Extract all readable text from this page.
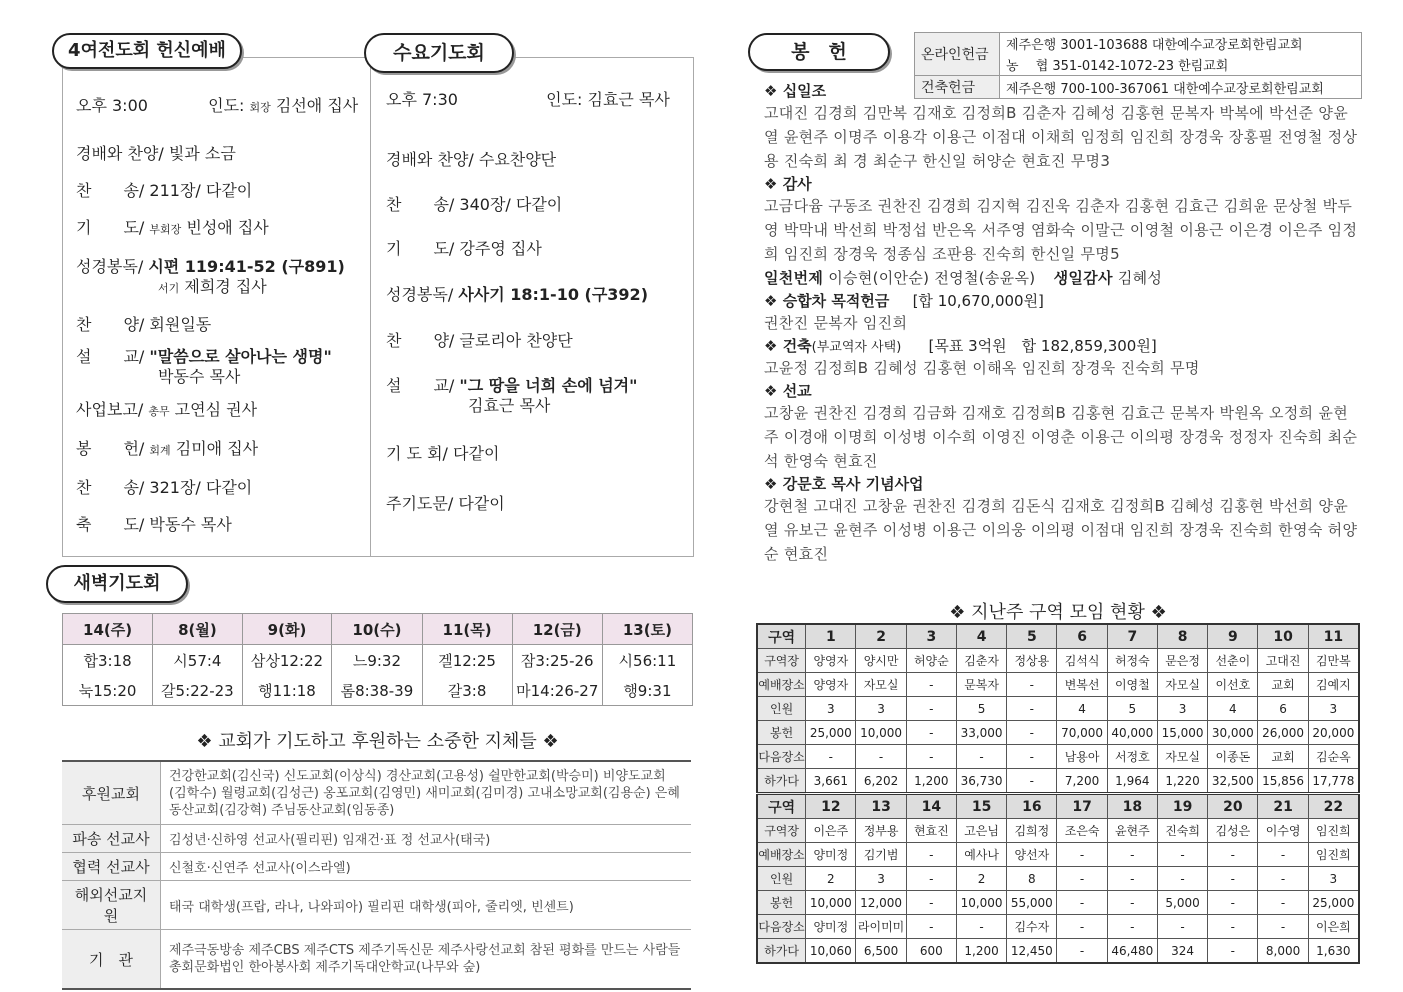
4여전도회 헌신예배
오후 3:00	인도: 회장 김선애 집사
경배와 찬양/ 빛과 소금
찬　　송/ 211장/ 다같이
기　　도/ 부회장 빈성애 집사
성경봉독/ 시편 119:41-52 (구891)
서기 제희경 집사
찬　　양/ 회원일동
설　　교/ "말씀으로 살아나는 생명"
박동수 목사
사업보고/ 총무 고연심 권사
봉　　헌/ 회계 김미애 집사
찬　　송/ 321장/ 다같이
축　　도/ 박동수 목사
수요기도회
오후 7:30	인도: 김효근 목사
경배와 찬양/ 수요찬양단
찬　　송/ 340장/ 다같이
기　　도/ 강주영 집사
성경봉독/ 사사기 18:1-10 (구392)
찬　　양/ 글로리아 찬양단
설　　교/ "그 땅을 너희 손에 넘겨"
김효근 목사
기 도 회/ 다같이
주기도문/ 다같이
새벽기도회
14(주)	8(월)	9(화)	10(수)	11(목)	12(금)	13(토)
합3:18	시57:4	삼상12:22	느9:32	겔12:25	잠3:25-26	시56:11
눅15:20	갈5:22-23	행11:18	롬8:38-39	갈3:8	마14:26-27	행9:31
❖ 교회가 기도하고 후원하는 소중한 지체들 ❖
후원교회	건강한교회(김신국) 신도교회(이상식) 경산교회(고용성) 쉴만한교회(박승미) 비양도교회(김학수) 월령교회(김성근) 옹포교회(김영민) 새미교회(김미경) 고내소망교회(김용순) 은혜동산교회(김강혁) 주님동산교회(임동종)
파송 선교사	김성년·신하영 선교사(필리핀) 임재건·표 정 선교사(태국)
협력 선교사	신철호·신연주 선교사(이스라엘)
해외선교지원	태국 대학생(프랍, 라나, 나와피아) 필리핀 대학생(피아, 줄리엣, 빈센트)
기　관	제주극동방송 제주CBS 제주CTS 제주기독신문 제주사랑선교회 참된 평화를 만드는 사람들 총회문화법인 한아봉사회 제주기독대안학교(나무와 숲)
봉　헌	온라인헌금	제주은행 3001-103688 대한예수교장로회한림교회
	농　 협 351-0142-1072-23 한림교회
건축헌금	제주은행 700-100-367061 대한예수교장로회한림교회
❖ 십일조
고대진 김경희 김만복 김재호 김정희B 김춘자 김혜성 김홍현 문복자 박복에 박선준 양윤열 윤현주 이명주 이용각 이용근 이점대 이채희 임정희 임진희 장경욱 장홍필 전영철 정상용 진숙희 최 경 최순구 한신일 허양순 현효진 무명3
❖ 감사
고금다윰 구동조 권찬진 김경희 김지혁 김진욱 김춘자 김홍현 김효근 김희윤 문상철 박두영 박막내 박선희 박정섭 반은옥 서주영 염화숙 이말근 이영철 이용근 이은경 이은주 임정희 임진희 장경욱 정종심 조판용 진숙희 한신일 무명5
일천번제 이승현(이안순) 전영철(송윤옥) 생일감사 김혜성
❖ 승합차 목적헌금 [합 10,670,000원]
권찬진 문복자 임진희
❖ 건축(부교역자 사택) [목표 3억원　합 182,859,300원]
고윤정 김정희B 김혜성 김홍현 이해옥 임진희 장경욱 진숙희 무명
❖ 선교
고창윤 권찬진 김경희 김금화 김재호 김정희B 김홍현 김효근 문복자 박원옥 오정희 윤현주 이경애 이명희 이성병 이수희 이영진 이영춘 이용근 이의평 장경욱 정정자 진숙희 최순석 한영숙 현효진
❖ 강문호 목사 기념사업
강현철 고대진 고창윤 권찬진 김경희 김돈식 김재호 김정희B 김혜성 김홍현 박선희 양윤열 유보근 윤현주 이성병 이용근 이의웅 이의평 이점대 임진희 장경욱 진숙희 한영숙 허양순 현효진
❖ 지난주 구역 모임 현황 ❖
구역	1	2	3	4	5	6	7	8	9	10	11
구역장	양영자	양시만	허양순	김춘자	정상용	김석식	허정숙	문은정	선춘이	고대진	김만복
예배장소	양영자	자모실	-	문복자	-	변복선	이영철	자모실	이선호	교회	김예지
인원	3	3	-	5	-	4	5	3	4	6	3
봉헌	25,000	10,000	-	33,000	-	70,000	40,000	15,000	30,000	26,000	20,000
다음장소	-	-	-	-	-	남용아	서정호	자모실	이종돈	교회	김순옥
하가다	3,661	6,202	1,200	36,730	-	7,200	1,964	1,220	32,500	15,856	17,778
구역	12	13	14	15	16	17	18	19	20	21	22
구역장	이은주	정부용	현효진	고은님	김희정	조은숙	윤현주	진숙희	김성은	이수영	임진희
예배장소	양미정	김기범	-	예사나	양선자	-	-	-	-	-	임진희
인원	2	3	-	2	8	-	-	-	-	-	3
봉헌	10,000	12,000	-	10,000	55,000	-	-	5,000	-	-	25,000
다음장소	양미정	라이미미	-	-	김수자	-	-	-	-	-	이은희
하가다	10,060	6,500	600	1,200	12,450	-	46,480	324	-	8,000	1,630
